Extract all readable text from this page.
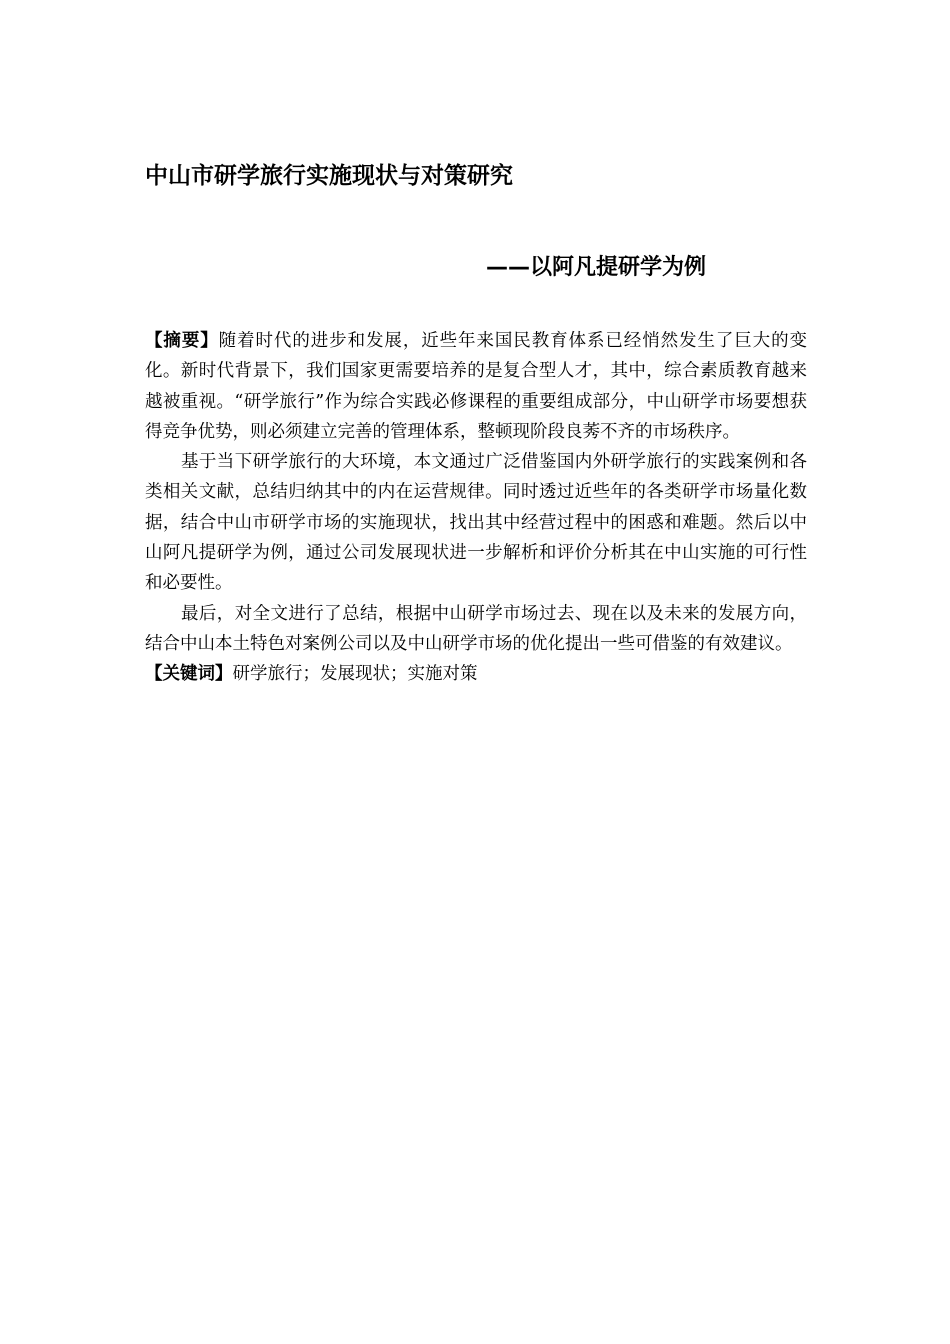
中山市研学旅行实施现状与对策研究
——以阿凡提研学为例

【摘要】随着时代的进步和发展，近些年来国民教育体系已经悄然发生了巨大的变化。新时代背景下，我们国家更需要培养的是复合型人才，其中，综合素质教育越来越被重视。“研学旅行”作为综合实践必修课程的重要组成部分，中山研学市场要想获得竞争优势，则必须建立完善的管理体系，整顿现阶段良莠不齐的市场秩序。

基于当下研学旅行的大环境，本文通过广泛借鉴国内外研学旅行的实践案例和各类相关文献，总结归纳其中的内在运营规律。同时透过近些年的各类研学市场量化数据，结合中山市研学市场的实施现状，找出其中经营过程中的困惑和难题。然后以中山阿凡提研学为例，通过公司发展现状进一步解析和评价分析其在中山实施的可行性和必要性。

最后，对全文进行了总结，根据中山研学市场过去、现在以及未来的发展方向，结合中山本土特色对案例公司以及中山研学市场的优化提出一些可借鉴的有效建议。

【关键词】研学旅行；发展现状；实施对策
